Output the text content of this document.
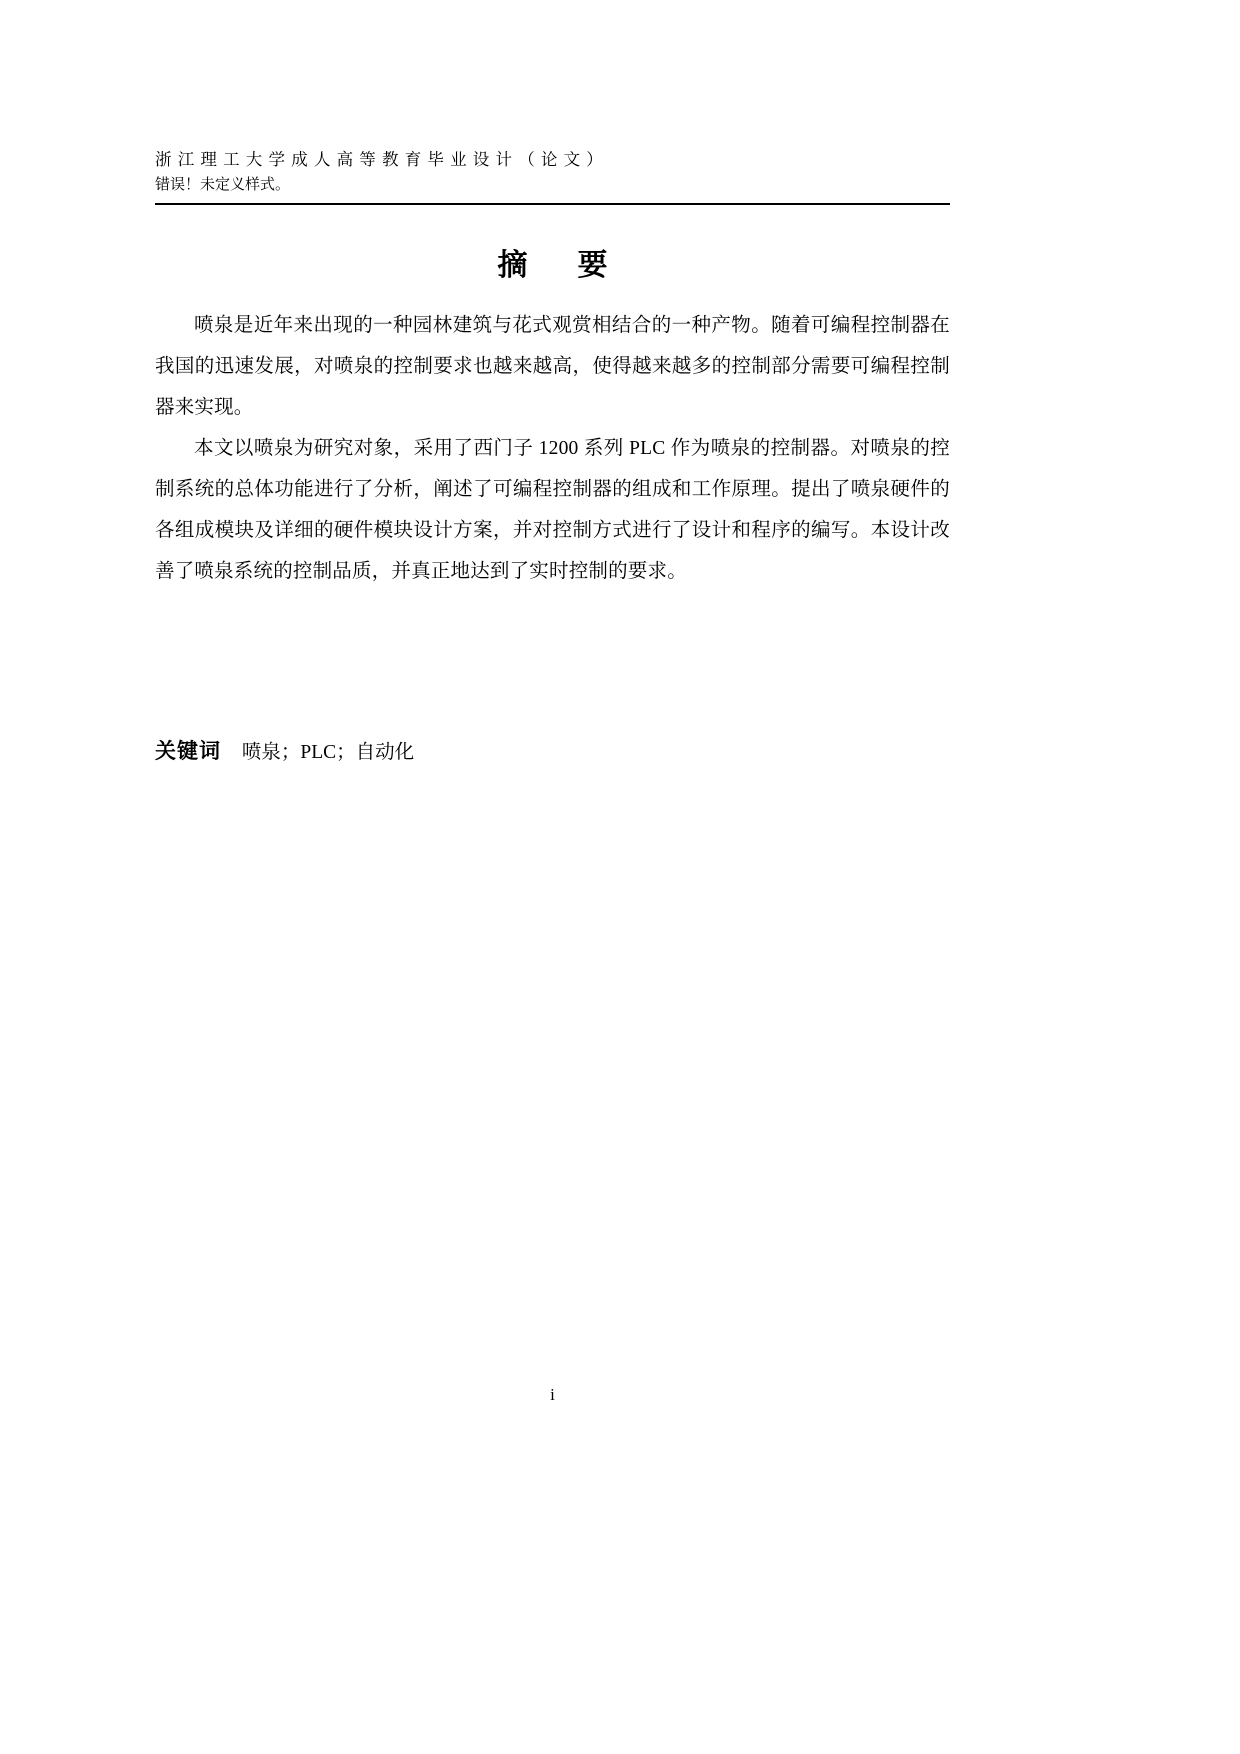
浙江理工大学成人高等教育毕业设计（论文）
错误！未定义样式。
摘　要

喷泉是近年来出现的一种园林建筑与花式观赏相结合的一种产物。随着可编程控制器在我国的迅速发展，对喷泉的控制要求也越来越高，使得越来越多的控制部分需要可编程控制器来实现。

本文以喷泉为研究对象，采用了西门子 1200 系列 PLC 作为喷泉的控制器。对喷泉的控制系统的总体功能进行了分析，阐述了可编程控制器的组成和工作原理。提出了喷泉硬件的各组成模块及详细的硬件模块设计方案，并对控制方式进行了设计和程序的编写。本设计改善了喷泉系统的控制品质，并真正地达到了实时控制的要求。

关键词 喷泉；PLC；自动化
i
